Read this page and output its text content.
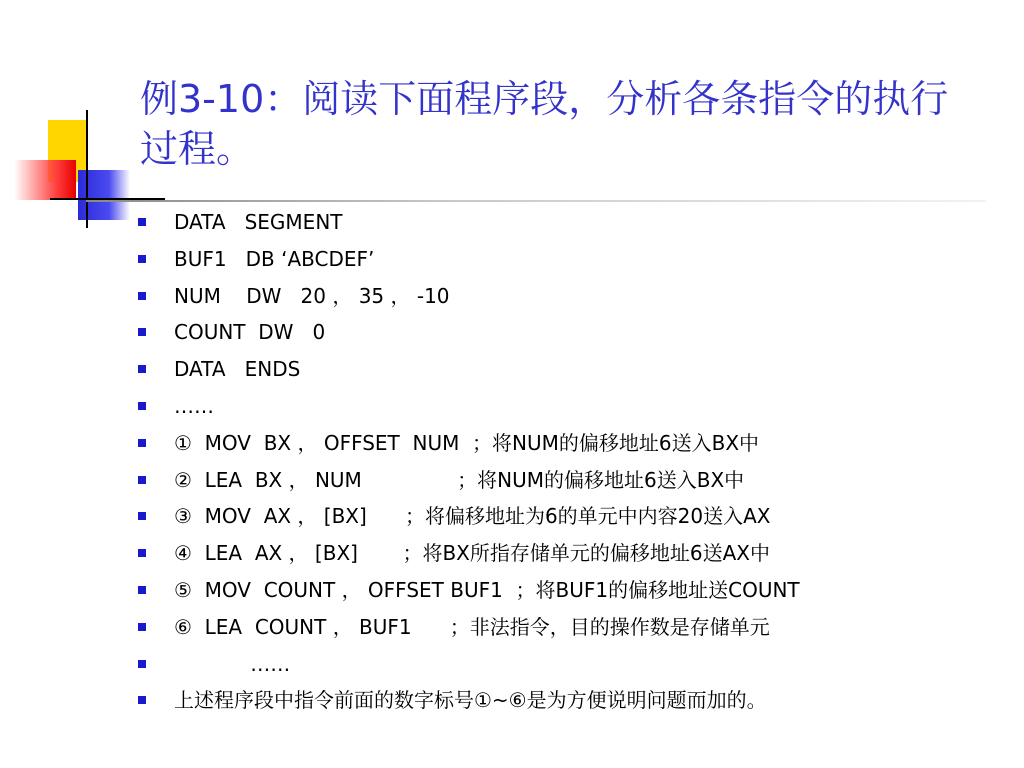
例3-10：阅读下面程序段，分析各条指令的执行过程。
DATA   SEGMENT
BUF1   DB ‘ABCDEF’
NUM    DW   20 ， 35 ， -10
COUNT  DW   0
DATA   ENDS
……
①  MOV  BX ， OFFSET  NUM  ；将NUM的偏移地址6送入BX中
②  LEA  BX ， NUM               ；将NUM的偏移地址6送入BX中
③  MOV  AX ， [BX]      ；将偏移地址为6的单元中内容20送入AX
④  LEA  AX ， [BX]       ；将BX所指存储单元的偏移地址6送AX中
⑤  MOV  COUNT ， OFFSET BUF1  ；将BUF1的偏移地址送COUNT
⑥  LEA  COUNT ， BUF1      ；非法指令，目的操作数是存储单元
……
上述程序段中指令前面的数字标号①~⑥是为方便说明问题而加的。
